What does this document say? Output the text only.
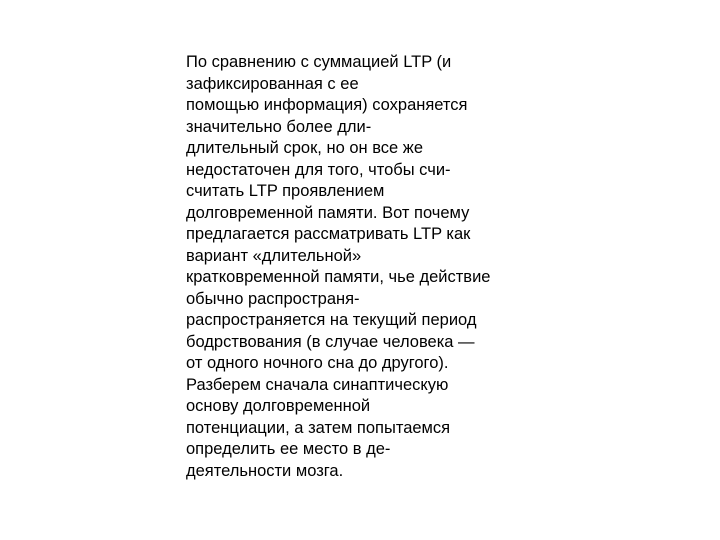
По сравнению с суммацией LTP (и
зафиксированная с ее
помощью информация) сохраняется
значительно более дли-
длительный срок, но он все же
недостаточен для того, чтобы счи-
считать LTP проявлением
долговременной памяти. Вот почему
предлагается рассматривать LTP как
вариант «длительной»
кратковременной памяти, чье действие
обычно распространя-
распространяется на текущий период
бодрствования (в случае человека —
от одного ночного сна до другого).
Разберем сначала синаптическую
основу долговременной
потенциации, а затем попытаемся
определить ее место в де-
деятельности мозга.
